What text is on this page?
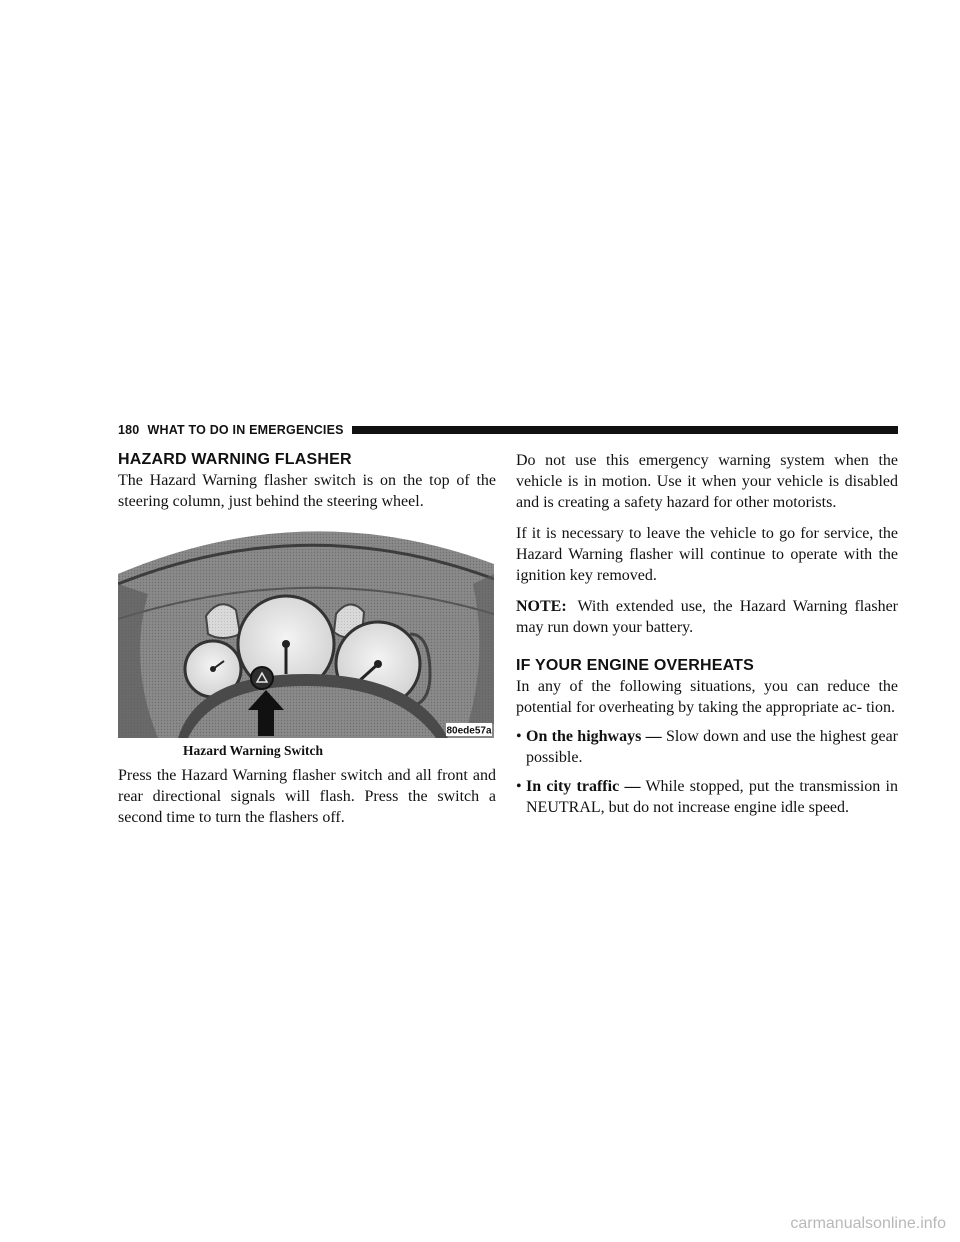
180 WHAT TO DO IN EMERGENCIES
HAZARD WARNING FLASHER

The Hazard Warning flasher switch is on the top of the steering column, just behind the steering wheel.

80ede57a
Hazard Warning Switch

Press the Hazard Warning flasher switch and all front and rear directional signals will flash. Press the switch a second time to turn the flashers off.

Do not use this emergency warning system when the vehicle is in motion. Use it when your vehicle is disabled and is creating a safety hazard for other motorists.

If it is necessary to leave the vehicle to go for service, the Hazard Warning flasher will continue to operate with the ignition key removed.

NOTE: With extended use, the Hazard Warning flasher may run down your battery.

IF YOUR ENGINE OVERHEATS

In any of the following situations, you can reduce the potential for overheating by taking the appropriate ac- tion.

• On the highways — Slow down and use the highest gear possible.
• In city traffic — While stopped, put the transmission in NEUTRAL, but do not increase engine idle speed.
carmanualsonline.info
